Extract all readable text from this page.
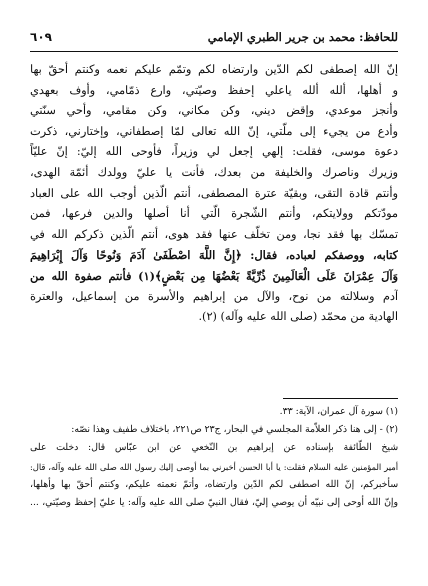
للحافظ: محمد بن جرير الطبري الإمامي
٦٠٩

إنّ الله إصطفى لكم الدّين وارتضاه لكم وتمّم عليكم نعمه وكنتم أحقّ بها
و أهلها، ألله ألله ياعلي إحفظ وصيّتي، وارع ذمّامي، وأوف بعهدي
وأنجز موعدي، وإقض ديني، وكن مكاني، وكن مقامي، وأحي سنّتي
وأدع من يجيء إلى ملّتي، إنّ الله تعالى لمّا إصطفاني، وإختارني، ذكرت
دعوة موسى، فقلت: إلهي إجعل لي وزيراً، فأوحى الله إليّ: إنّ عليّاً
وزيرك وناصرك والخليفة من بعدك، فأنت يا عليّ وولدك أئمّة الهدى،
وأنتم قادة التقى، وبقيّة عترة المصطفى، أنتم الّذين أوجب الله على العباد
مودّتكم وولايتكم، وأنتم الشّجرة الّتي أنا أصلها والدين فرعها، فمن
تمسّك بها فقد نجا، ومن تخلّف عنها فقد هوى، أنتم الّذين ذكركم الله في
كتابه، ووصفكم لعباده، فقال: ﴿إِنَّ اللَّهَ اصْطَفَىٰ آدَمَ وَنُوحًا وَآلَ إِبْرَاهِيمَ
وَآلَ عِمْرَانَ عَلَى الْعَالَمِينَ ذُرِّيَّةً بَعْضُهَا مِن بَعْضٍ﴾(١) فأنتم صفوة الله من
آدم وسلالته من نوح، والآل من إبراهيم والأسرة من إسماعيل، والعترة
الهادية من محمّد (صلى الله عليه وآله) (٢).

(١) سورة آل عمران، الآية: ٣٣.
(٢) - إلى هنا ذكر العلاّمة المجلسي في البحار، ج٢٣ ص٢٢١، باختلاف طفيف وهذا نصّه:
شيخ الطّائفة بإسناده عن إبراهيم بن النّخعي عن ابن عبّاس قال: دخلت على
أمير المؤمنين عليه السلام فقلت: يا أبا الحسن أخبرني بما أوصى إليك رسول الله صلى الله عليه وآله، قال:
سأخبركم، إنّ الله اصطفى لكم الدّين وارتضاه، وأتمّ نعمته عليكم، وكنتم أحقّ بها وأهلها،
وإنّ الله أوحى إلى نبيّه أن يوصي إليّ، فقال النبيّ صلى الله عليه وآله: يا عليّ إحفظ وصيّتي، ...
